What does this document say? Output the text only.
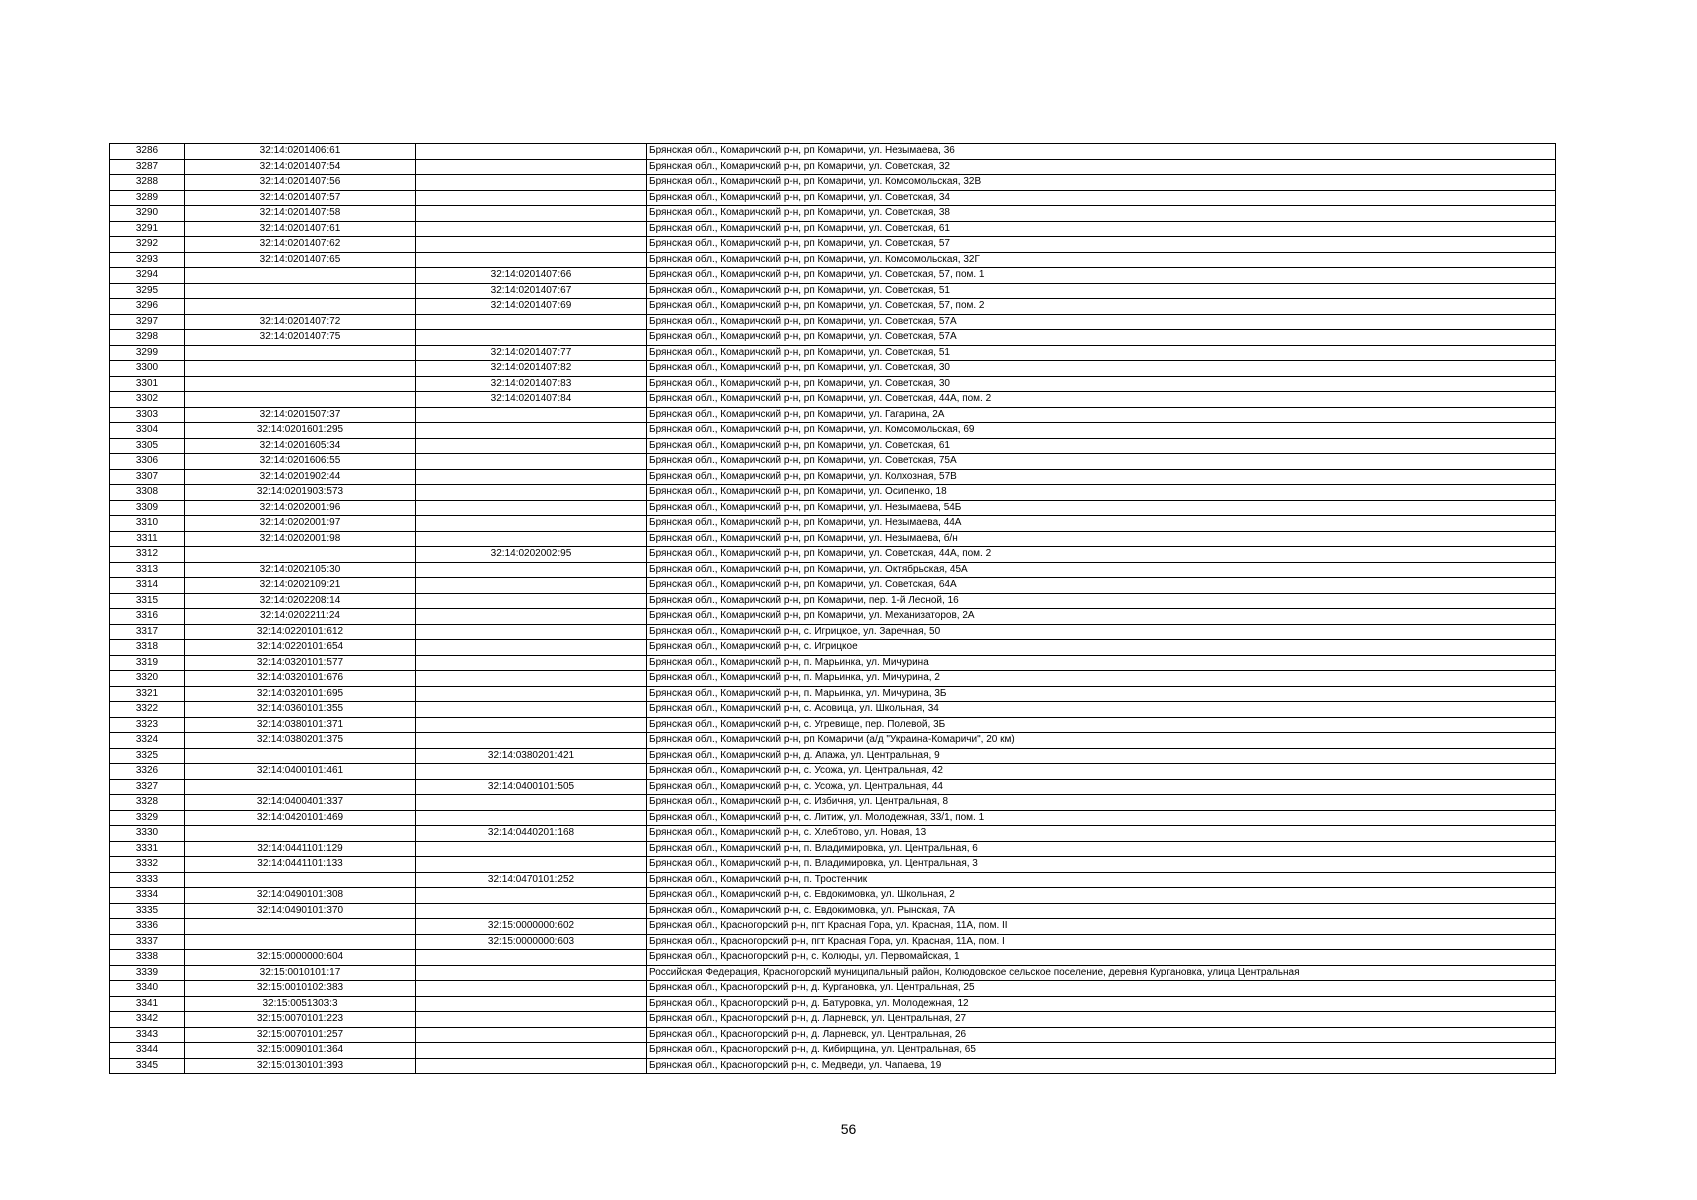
3286	32:14:0201406:61		Брянская обл., Комаричский р-н, рп Комаричи, ул. Незымаева, 36
3287	32:14:0201407:54		Брянская обл., Комаричский р-н, рп Комаричи, ул. Советская, 32
3288	32:14:0201407:56		Брянская обл., Комаричский р-н, рп Комаричи, ул. Комсомольская, 32В
3289	32:14:0201407:57		Брянская обл., Комаричский р-н, рп Комаричи, ул. Советская, 34
3290	32:14:0201407:58		Брянская обл., Комаричский р-н, рп Комаричи, ул. Советская, 38
3291	32:14:0201407:61		Брянская обл., Комаричский р-н, рп Комаричи, ул. Советская, 61
3292	32:14:0201407:62		Брянская обл., Комаричский р-н, рп Комаричи, ул. Советская, 57
3293	32:14:0201407:65		Брянская обл., Комаричский р-н, рп Комаричи, ул. Комсомольская, 32Г
3294		32:14:0201407:66	Брянская обл., Комаричский р-н, рп Комаричи, ул. Советская, 57, пом. 1
3295		32:14:0201407:67	Брянская обл., Комаричский р-н, рп Комаричи, ул. Советская, 51
3296		32:14:0201407:69	Брянская обл., Комаричский р-н, рп Комаричи, ул. Советская, 57, пом. 2
3297	32:14:0201407:72		Брянская обл., Комаричский р-н, рп Комаричи, ул. Советская, 57А
3298	32:14:0201407:75		Брянская обл., Комаричский р-н, рп Комаричи, ул. Советская, 57А
3299		32:14:0201407:77	Брянская обл., Комаричский р-н, рп Комаричи, ул. Советская, 51
3300		32:14:0201407:82	Брянская обл., Комаричский р-н, рп Комаричи, ул. Советская, 30
3301		32:14:0201407:83	Брянская обл., Комаричский р-н, рп Комаричи, ул. Советская, 30
3302		32:14:0201407:84	Брянская обл., Комаричский р-н, рп Комаричи, ул. Советская, 44А, пом. 2
3303	32:14:0201507:37		Брянская обл., Комаричский р-н, рп Комаричи, ул. Гагарина, 2А
3304	32:14:0201601:295		Брянская обл., Комаричский р-н, рп Комаричи, ул. Комсомольская, 69
3305	32:14:0201605:34		Брянская обл., Комаричский р-н, рп Комаричи, ул. Советская, 61
3306	32:14:0201606:55		Брянская обл., Комаричский р-н, рп Комаричи, ул. Советская, 75А
3307	32:14:0201902:44		Брянская обл., Комаричский р-н, рп Комаричи, ул. Колхозная, 57В
3308	32:14:0201903:573		Брянская обл., Комаричский р-н, рп Комаричи, ул. Осипенко, 18
3309	32:14:0202001:96		Брянская обл., Комаричский р-н, рп Комаричи, ул. Незымаева, 54Б
3310	32:14:0202001:97		Брянская обл., Комаричский р-н, рп Комаричи, ул. Незымаева, 44А
3311	32:14:0202001:98		Брянская обл., Комаричский р-н, рп Комаричи, ул. Незымаева, б/н
3312		32:14:0202002:95	Брянская обл., Комаричский р-н, рп Комаричи, ул. Советская, 44А, пом. 2
3313	32:14:0202105:30		Брянская обл., Комаричский р-н, рп Комаричи, ул. Октябрьская, 45А
3314	32:14:0202109:21		Брянская обл., Комаричский р-н, рп Комаричи, ул. Советская, 64А
3315	32:14:0202208:14		Брянская обл., Комаричский р-н, рп Комаричи, пер. 1-й Лесной, 16
3316	32:14:0202211:24		Брянская обл., Комаричский р-н, рп Комаричи, ул. Механизаторов, 2А
3317	32:14:0220101:612		Брянская обл., Комаричский р-н, с. Игрицкое, ул. Заречная, 50
3318	32:14:0220101:654		Брянская обл., Комаричский р-н, с. Игрицкое
3319	32:14:0320101:577		Брянская обл., Комаричский р-н, п. Марьинка, ул. Мичурина
3320	32:14:0320101:676		Брянская обл., Комаричский р-н, п. Марьинка, ул. Мичурина, 2
3321	32:14:0320101:695		Брянская обл., Комаричский р-н, п. Марьинка, ул. Мичурина, 3Б
3322	32:14:0360101:355		Брянская обл., Комаричский р-н, с. Асовица, ул. Школьная, 34
3323	32:14:0380101:371		Брянская обл., Комаричский р-н, с. Угревище, пер. Полевой, 3Б
3324	32:14:0380201:375		Брянская обл., Комаричский р-н, рп Комаричи (а/д "Украина-Комаричи", 20 км)
3325		32:14:0380201:421	Брянская обл., Комаричский р-н, д. Апажа, ул. Центральная, 9
3326	32:14:0400101:461		Брянская обл., Комаричский р-н, с. Усожа, ул. Центральная, 42
3327		32:14:0400101:505	Брянская обл., Комаричский р-н, с. Усожа, ул. Центральная, 44
3328	32:14:0400401:337		Брянская обл., Комаричский р-н, с. Избичня, ул. Центральная, 8
3329	32:14:0420101:469		Брянская обл., Комаричский р-н, с. Литиж, ул. Молодежная, 33/1, пом. 1
3330		32:14:0440201:168	Брянская обл., Комаричский р-н, с. Хлебтово, ул. Новая, 13
3331	32:14:0441101:129		Брянская обл., Комаричский р-н, п. Владимировка, ул. Центральная, 6
3332	32:14:0441101:133		Брянская обл., Комаричский р-н, п. Владимировка, ул. Центральная, 3
3333		32:14:0470101:252	Брянская обл., Комаричский р-н, п. Тростенчик
3334	32:14:0490101:308		Брянская обл., Комаричский р-н, с. Евдокимовка, ул. Школьная, 2
3335	32:14:0490101:370		Брянская обл., Комаричский р-н, с. Евдокимовка, ул. Рынская, 7А
3336		32:15:0000000:602	Брянская обл., Красногорский р-н, пгт Красная Гора, ул. Красная, 11А, пом. II
3337		32:15:0000000:603	Брянская обл., Красногорский р-н, пгт Красная Гора, ул. Красная, 11А, пом. I
3338	32:15:0000000:604		Брянская обл., Красногорский р-н, с. Колюды, ул. Первомайская, 1
3339	32:15:0010101:17		Российская Федерация, Красногорский муниципальный район, Колюдовское сельское поселение, деревня Кургановка, улица Центральная
3340	32:15:0010102:383		Брянская обл., Красногорский р-н, д. Кургановка, ул. Центральная, 25
3341	32:15:0051303:3		Брянская обл., Красногорский р-н, д. Батуровка, ул. Молодежная, 12
3342	32:15:0070101:223		Брянская обл., Красногорский р-н, д. Ларневск, ул. Центральная, 27
3343	32:15:0070101:257		Брянская обл., Красногорский р-н, д. Ларневск, ул. Центральная, 26
3344	32:15:0090101:364		Брянская обл., Красногорский р-н, д. Кибирщина, ул. Центральная, 65
3345	32:15:0130101:393		Брянская обл., Красногорский р-н, с. Медведи, ул. Чапаева, 19
56
